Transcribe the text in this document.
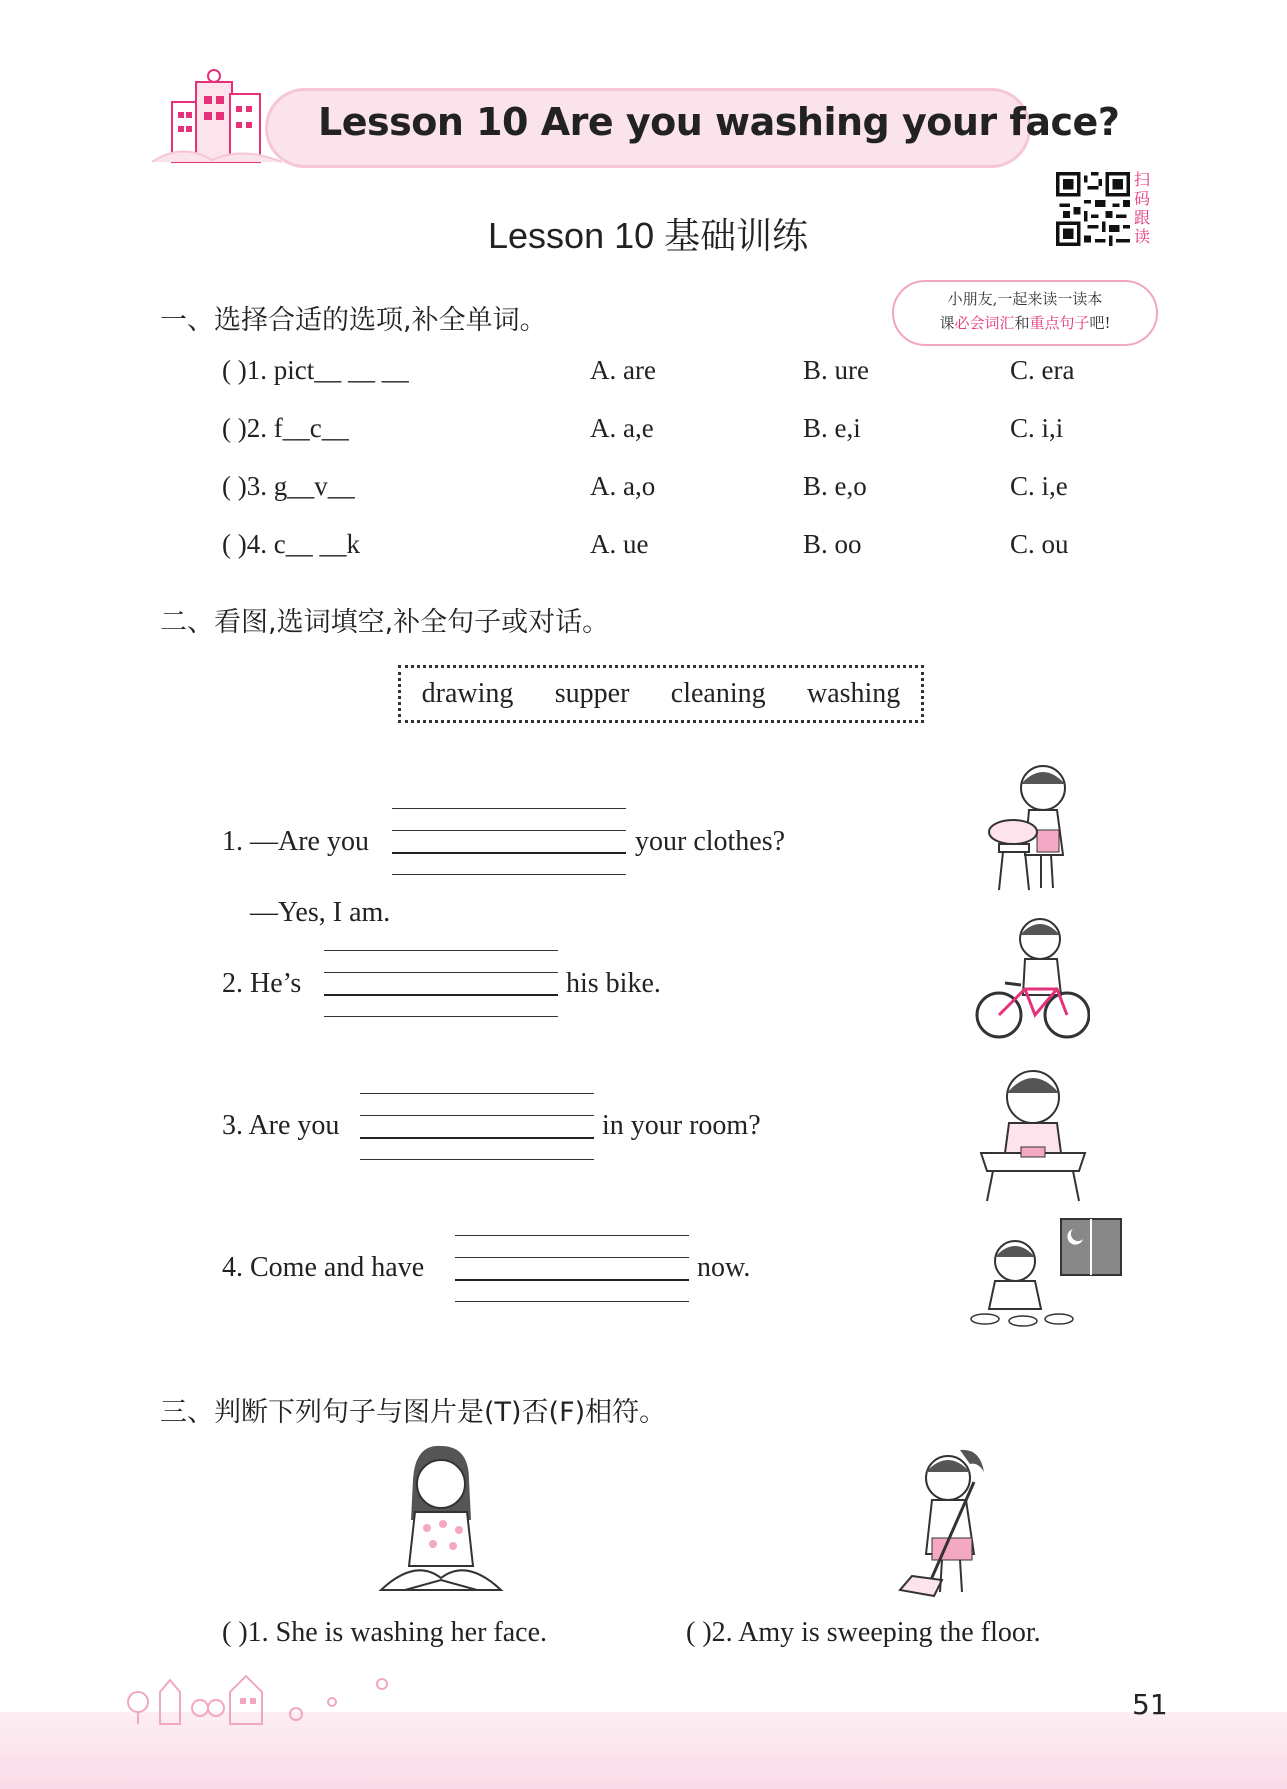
Lesson 10 Are you washing your face?
Lesson 10 基础训练
扫码跟读
小朋友,一起来读一读本
课必会词汇和重点句子吧!
一、选择合适的选项,补全单词。
( )1. pict__ __ __	A. are	B. ure	C. era
( )2. f__c__	A. a,e	B. e,i	C. i,i
( )3. g__v__	A. a,o	B. e,o	C. i,e
( )4. c__ __k	A. ue	B. oo	C. ou
二、看图,选词填空,补全句子或对话。
drawing supper cleaning washing
1. —Are you	your clothes?
—Yes, I am.
2. He’s	his bike.
3. Are you	in your room?
4. Come and have	now.
三、判断下列句子与图片是(T)否(F)相符。
( )1. She is washing her face.	( )2. Amy is sweeping the floor.
51
